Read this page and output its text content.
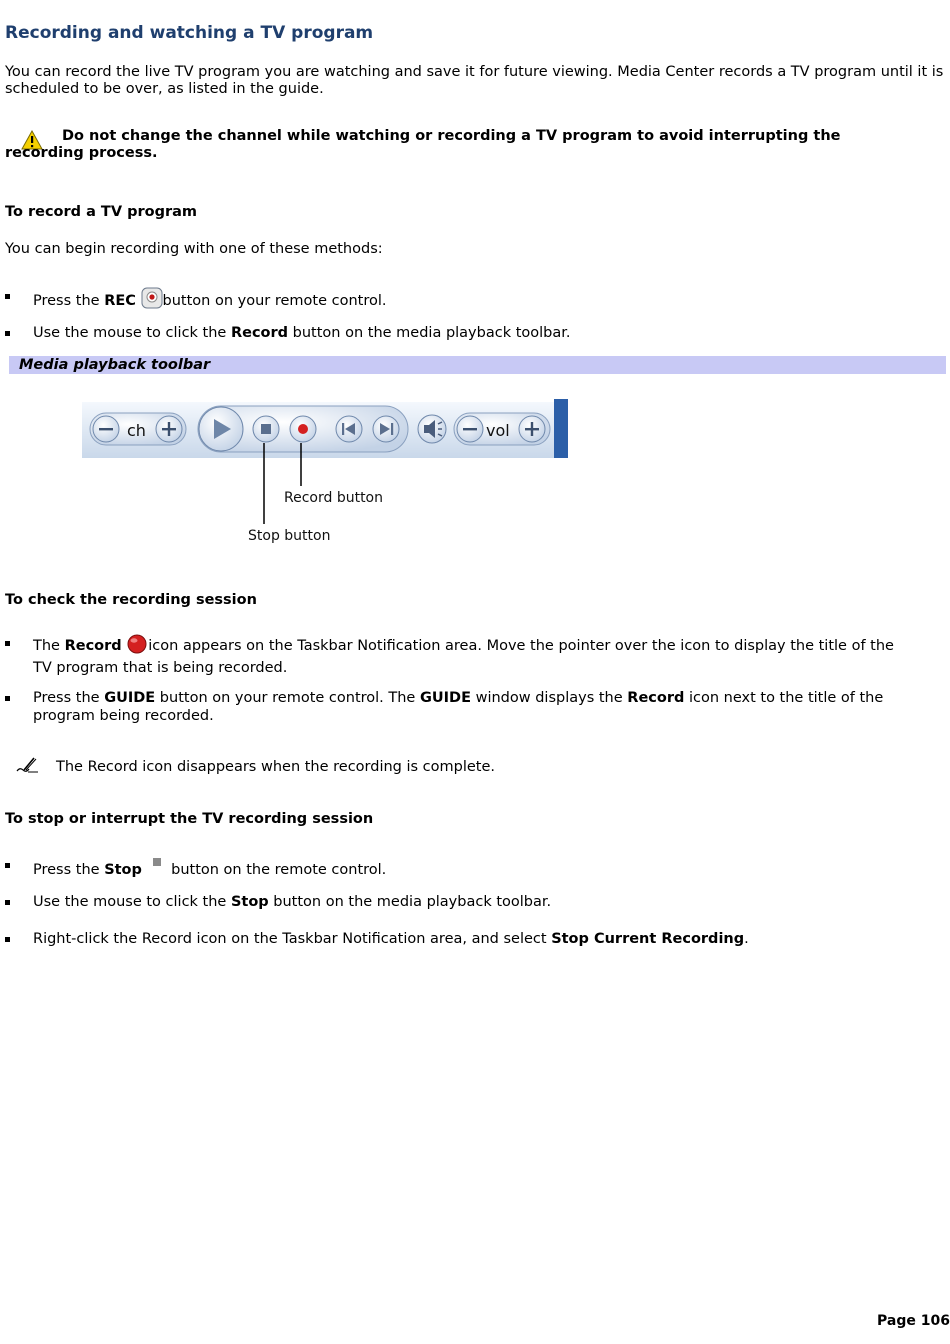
Recording and watching a TV program
You can record the live TV program you are watching and save it for future viewing. Media Center records a TV program until it is scheduled to be over, as listed in the guide.
Do not change the channel while watching or recording a TV program to avoid interrupting the recording process.
To record a TV program
You can begin recording with one of these methods:
Press the REC button on your remote control.
Use the mouse to click the Record button on the media playback toolbar.
Media playback toolbar
ch	vol
Record button
Stop button
To check the recording session
The Record icon appears on the Taskbar Notification area. Move the pointer over the icon to display the title of the TV program that is being recorded.
Press the GUIDE button on your remote control. The GUIDE window displays the Record icon next to the title of the program being recorded.
The Record icon disappears when the recording is complete.
To stop or interrupt the TV recording session
Press the Stop  button on the remote control.
Use the mouse to click the Stop button on the media playback toolbar.
Right-click the Record icon on the Taskbar Notification area, and select Stop Current Recording.
Page 106
